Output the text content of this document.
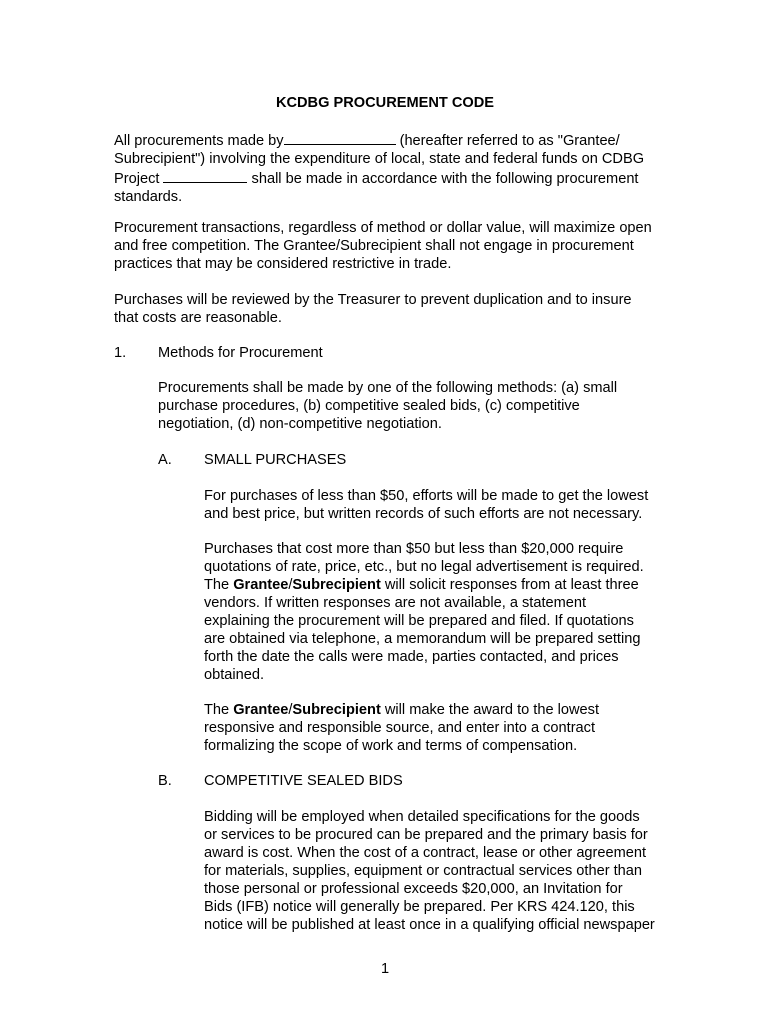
KCDBG PROCUREMENT CODE
All procurements made by	(hereafter referred to as "Grantee/
Subrecipient") involving the expenditure of local, state and federal funds on CDBG
Project	shall be made in accordance with the following procurement
standards.
Procurement transactions, regardless of method or dollar value, will maximize open
and free competition. The Grantee/Subrecipient shall not engage in procurement
practices that may be considered restrictive in trade.
Purchases will be reviewed by the Treasurer to prevent duplication and to insure
that costs are reasonable.
1. Methods for Procurement
Procurements shall be made by one of the following methods: (a) small
purchase procedures, (b) competitive sealed bids, (c) competitive
negotiation, (d) non-competitive negotiation.
A. SMALL PURCHASES
For purchases of less than $50, efforts will be made to get the lowest
and best price, but written records of such efforts are not necessary.
Purchases that cost more than $50 but less than $20,000 require
quotations of rate, price, etc., but no legal advertisement is required.
The Grantee/Subrecipient will solicit responses from at least three
vendors. If written responses are not available, a statement
explaining the procurement will be prepared and filed. If quotations
are obtained via telephone, a memorandum will be prepared setting
forth the date the calls were made, parties contacted, and prices
obtained.
The Grantee/Subrecipient will make the award to the lowest
responsive and responsible source, and enter into a contract
formalizing the scope of work and terms of compensation.
B. COMPETITIVE SEALED BIDS
Bidding will be employed when detailed specifications for the goods
or services to be procured can be prepared and the primary basis for
award is cost. When the cost of a contract, lease or other agreement
for materials, supplies, equipment or contractual services other than
those personal or professional exceeds $20,000, an Invitation for
Bids (IFB) notice will generally be prepared. Per KRS 424.120, this
notice will be published at least once in a qualifying official newspaper
1
